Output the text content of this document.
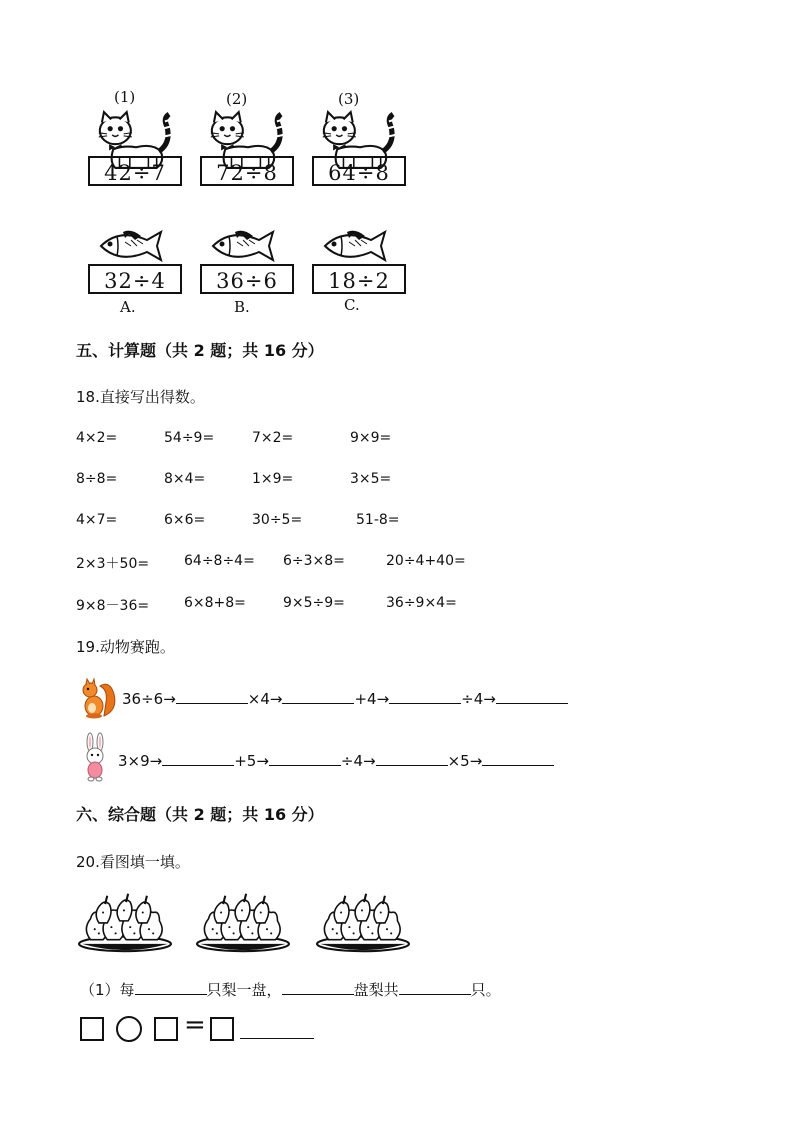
(1)	(2)	(3)
42÷7	72÷8	64÷8
32÷4	36÷6	18÷2
A.	B.	C.
五、计算题（共 2 题；共 16 分）
18.直接写出得数。
4×2=	54÷9=	7×2=	9×9=
8÷8=	8×4=	1×9=	3×5=
4×7=	6×6=	30÷5=	51-8=
2×3＋50= 64÷8÷4= 6÷3×8=	20÷4+40=
9×8－36= 6×8+8=	9×5÷9=	36÷9×4=
19.动物赛跑。
36÷6→	×4→	+4→	÷4→
3×9→	+5→	÷4→	×5→
六、综合题（共 2 题；共 16 分）
20.看图填一填。
（1）每	只梨一盘，	盘梨共	只。
=
